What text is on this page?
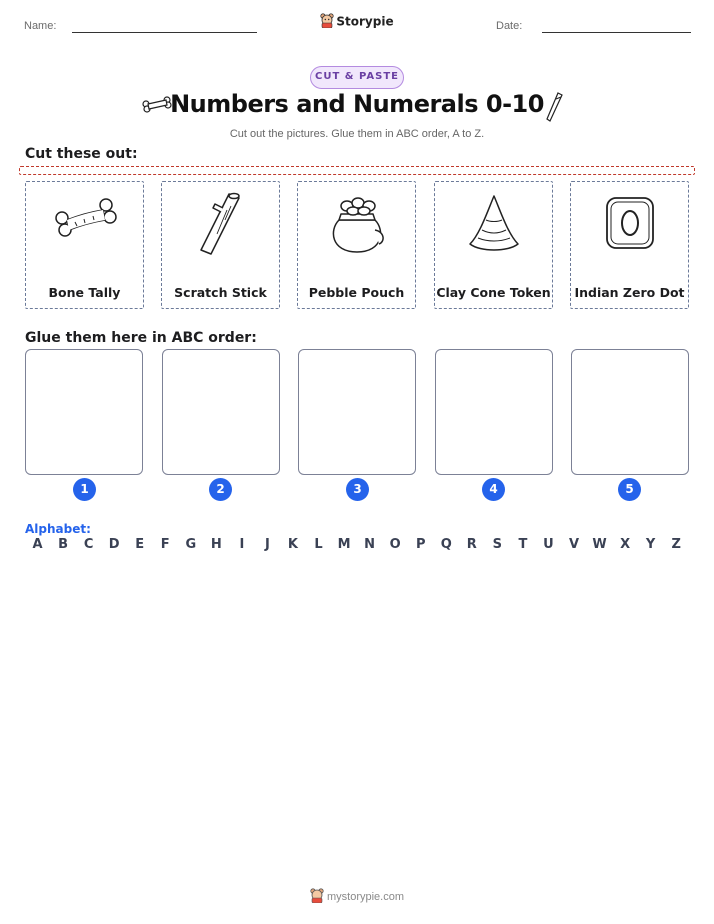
Name:	Storypie	Date:
CUT & PASTE
Numbers and Numerals 0-10
Cut out the pictures. Glue them in ABC order, A to Z.
Cut these out:
Bone Tally	Scratch Stick	Pebble Pouch	Clay Cone Token Indian Zero Dot
Glue them here in ABC order:
1	2	3	4	5
Alphabet:
A	B	C	D	E	F	G	H	I	J	K	L	M	N	O	P	Q	R	S	T	U	V	W	X	Y	Z
mystorypie.com
